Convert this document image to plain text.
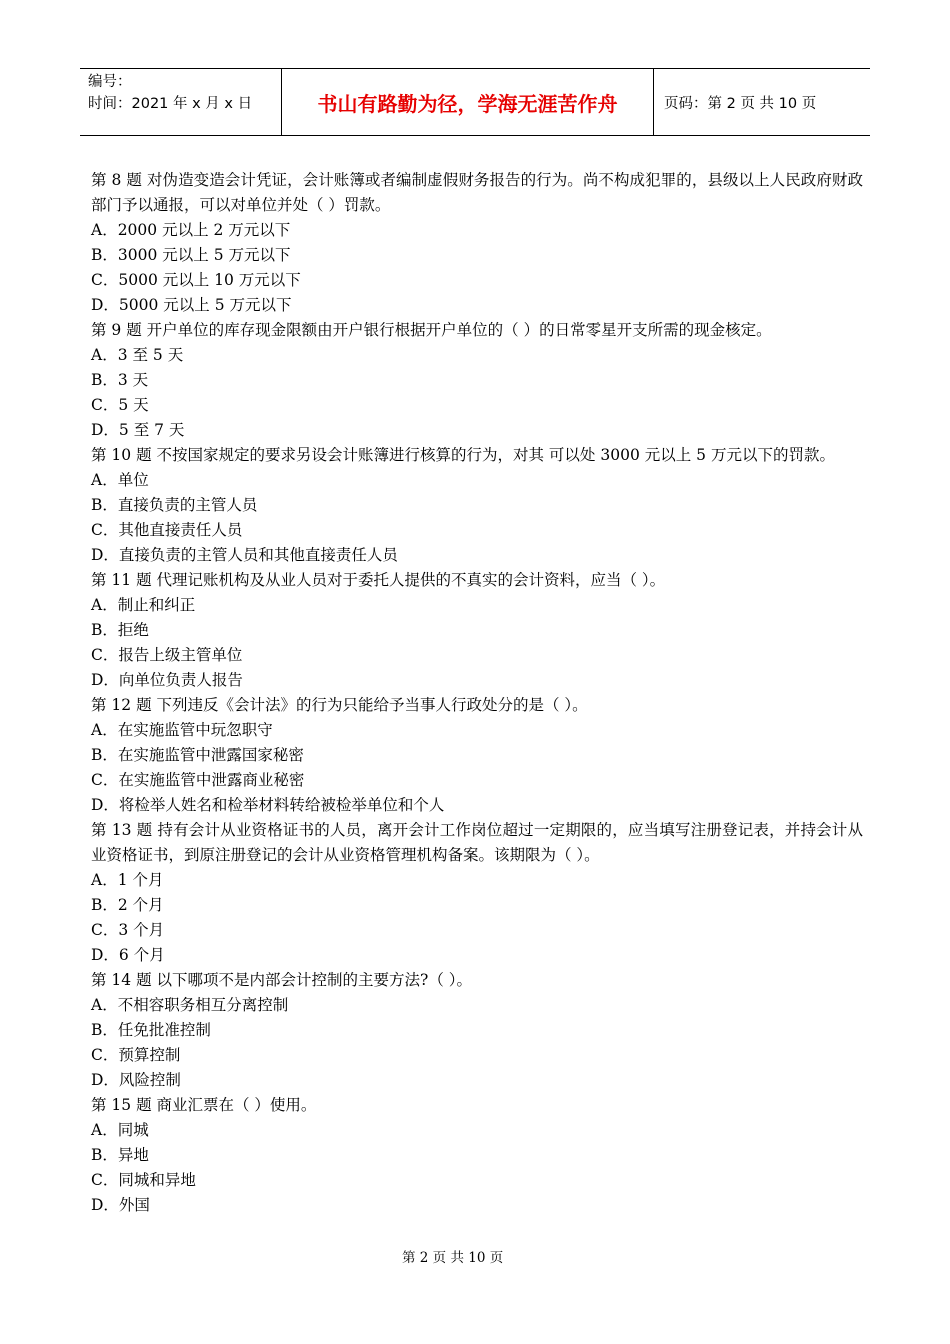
编号：
时间：2021 年 x 月 x 日	书山有路勤为径，学海无涯苦作舟	页码：第 2 页 共 10 页
第 8 题 对伪造变造会计凭证，会计账簿或者编制虚假财务报告的行为。尚不构成犯罪的，县级以上人民政府财政部门予以通报，可以对单位并处（ ）罚款。
A．2000 元以上 2 万元以下
B．3000 元以上 5 万元以下
C．5000 元以上 10 万元以下
D．5000 元以上 5 万元以下
第 9 题 开户单位的库存现金限额由开户银行根据开户单位的（ ）的日常零星开支所需的现金核定。
A．3 至 5 天
B．3 天
C．5 天
D．5 至 7 天
第 10 题 不按国家规定的要求另设会计账簿进行核算的行为，对其 可以处 3000 元以上 5 万元以下的罚款。
A．单位
B．直接负责的主管人员
C．其他直接责任人员
D．直接负责的主管人员和其他直接责任人员
第 11 题 代理记账机构及从业人员对于委托人提供的不真实的会计资料，应当（ ）。
A．制止和纠正
B．拒绝
C．报告上级主管单位
D．向单位负责人报告
第 12 题 下列违反《会计法》的行为只能给予当事人行政处分的是（ ）。
A．在实施监管中玩忽职守
B．在实施监管中泄露国家秘密
C．在实施监管中泄露商业秘密
D．将检举人姓名和检举材料转给被检举单位和个人
第 13 题 持有会计从业资格证书的人员，离开会计工作岗位超过一定期限的，应当填写注册登记表，并持会计从业资格证书，到原注册登记的会计从业资格管理机构备案。该期限为（ ）。
A．1 个月
B．2 个月
C．3 个月
D．6 个月
第 14 题 以下哪项不是内部会计控制的主要方法?（ ）。
A．不相容职务相互分离控制
B．任免批准控制
C．预算控制
D．风险控制
第 15 题 商业汇票在（ ）使用。
A．同城
B．异地
C．同城和异地
D．外国
第 2 页 共 10 页
